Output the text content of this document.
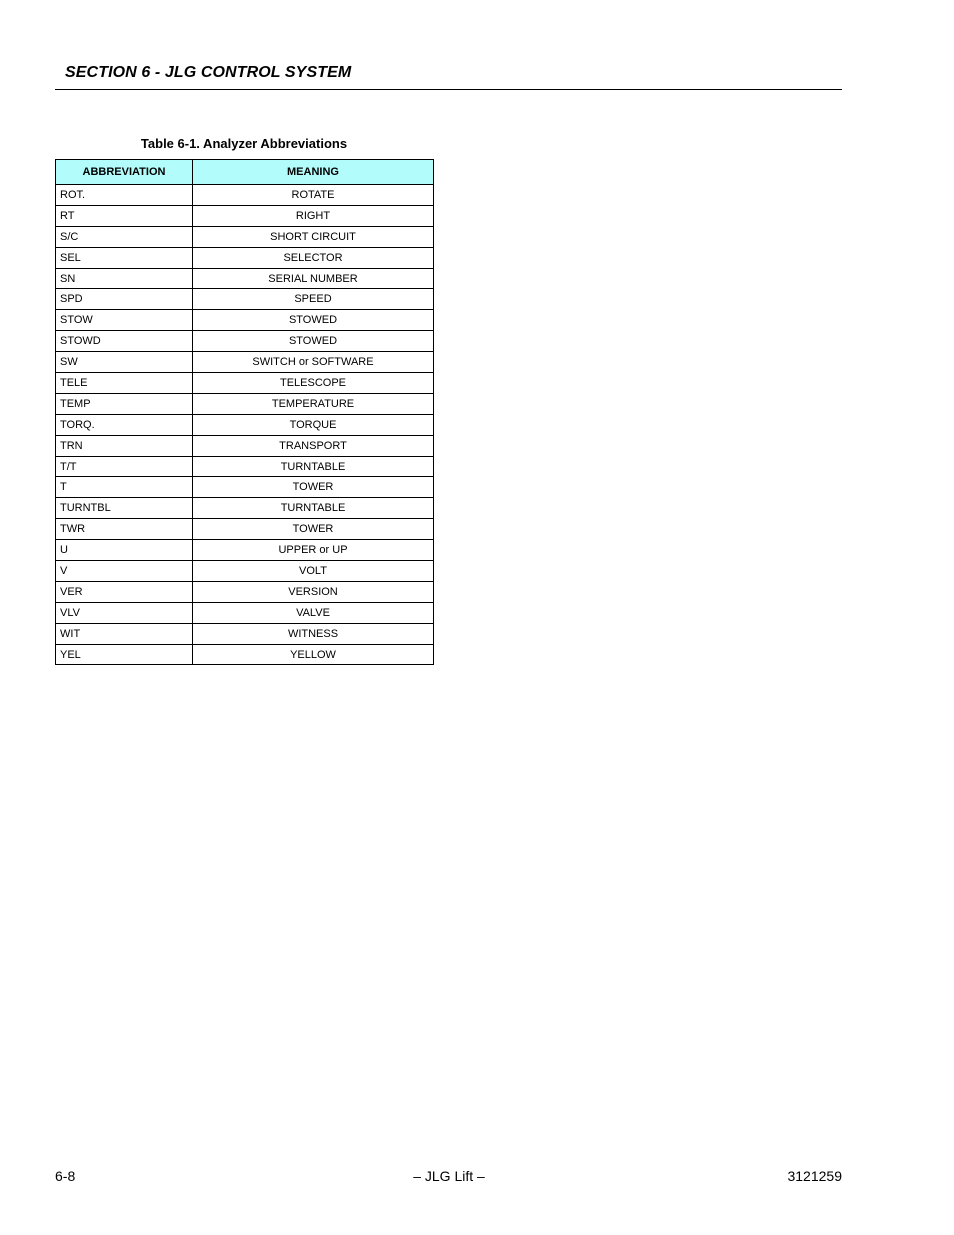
SECTION 6 - JLG CONTROL SYSTEM
Table 6-1. Analyzer Abbreviations
ABBREVIATION	MEANING
ROT.	ROTATE
RT	RIGHT
S/C	SHORT CIRCUIT
SEL	SELECTOR
SN	SERIAL NUMBER
SPD	SPEED
STOW	STOWED
STOWD	STOWED
SW	SWITCH or SOFTWARE
TELE	TELESCOPE
TEMP	TEMPERATURE
TORQ.	TORQUE
TRN	TRANSPORT
T/T	TURNTABLE
T	TOWER
TURNTBL	TURNTABLE
TWR	TOWER
U	UPPER or UP
V	VOLT
VER	VERSION
VLV	VALVE
WIT	WITNESS
YEL	YELLOW
6-8	– JLG Lift –	3121259
